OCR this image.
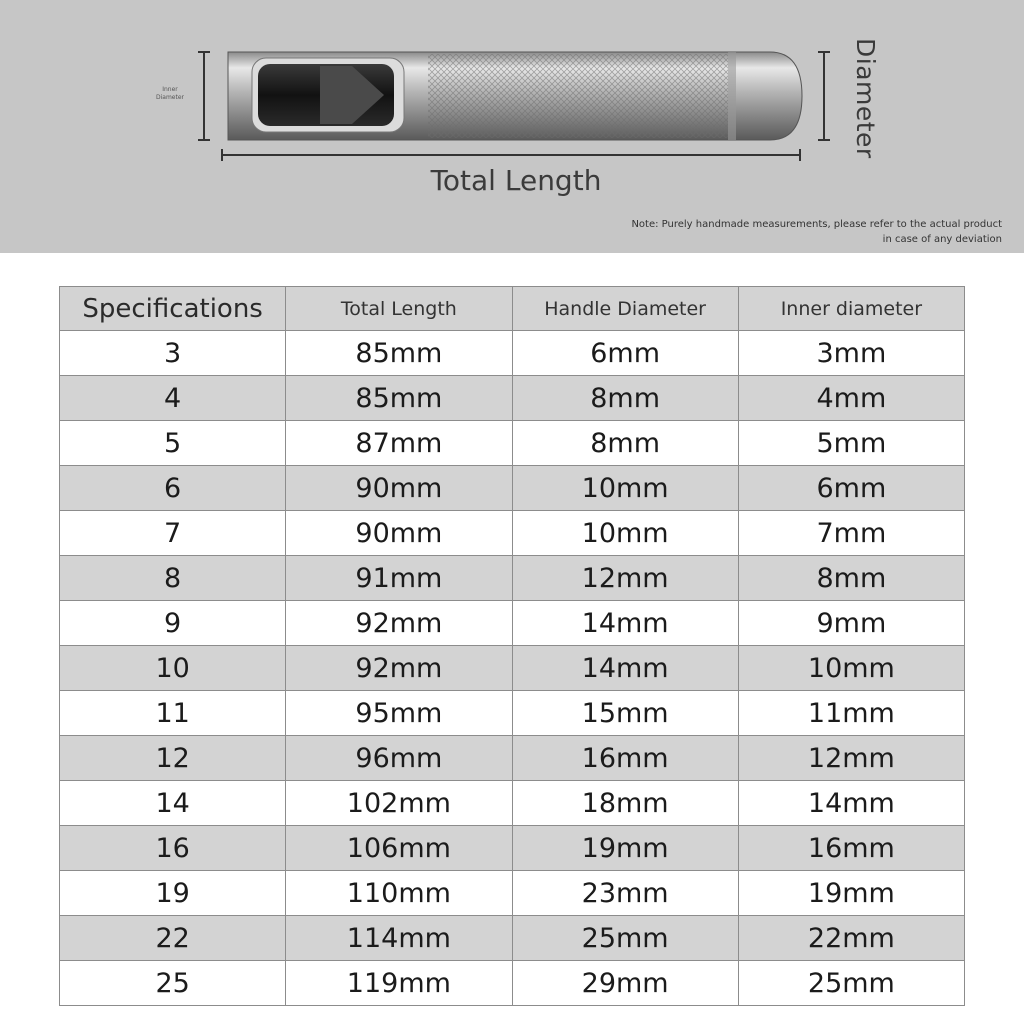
Inner Diameter	Diameter
Total Length
Note: Purely handmade measurements, please refer to the actual product
in case of any deviation
Specifications	Total Length	Handle Diameter	Inner diameter
3	85mm	6mm	3mm
4	85mm	8mm	4mm
5	87mm	8mm	5mm
6	90mm	10mm	6mm
7	90mm	10mm	7mm
8	91mm	12mm	8mm
9	92mm	14mm	9mm
10	92mm	14mm	10mm
11	95mm	15mm	11mm
12	96mm	16mm	12mm
14	102mm	18mm	14mm
16	106mm	19mm	16mm
19	110mm	23mm	19mm
22	114mm	25mm	22mm
25	119mm	29mm	25mm
